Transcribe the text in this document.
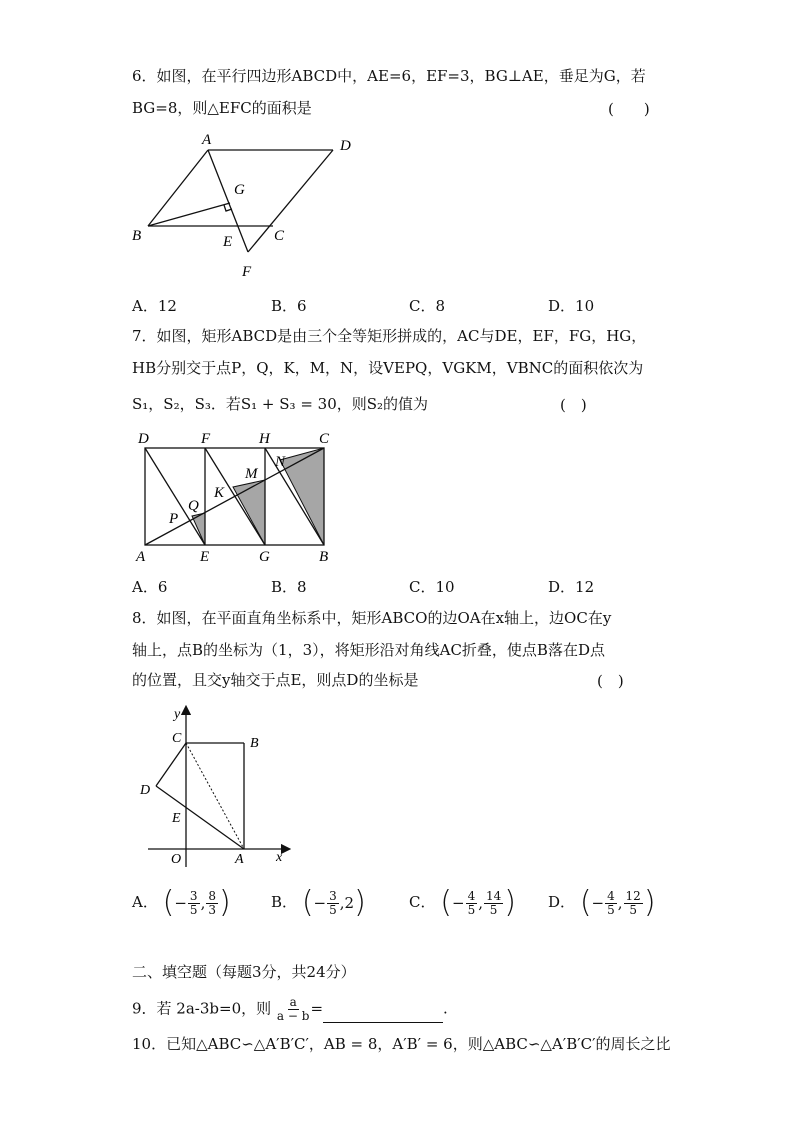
6．如图，在平行四边形ABCD中，AE=6，EF=3，BG⊥AE，垂足为G，若
BG=8，则△EFC的面积是	(　　)
A	D
G
B	E	C
F
A．12	B．6	C．8	D．10
7．如图，矩形ABCD是由三个全等矩形拼成的，AC与DE，EF，FG，HG，
HB分别交于点P，Q，K，M，N，设VEPQ，VGKM，VBNC的面积依次为
S₁，S₂，S₃．若S₁ + S₃ = 30，则S₂的值为	(　)
D	F	H	C
N
M
K
Q
P
A	E	G	B
A．6	B．8	C．10	D．12
8．如图，在平面直角坐标系中，矩形ABCO的边OA在x轴上，边OC在y
轴上，点B的坐标为（1，3），将矩形沿对角线AC折叠，使点B落在D点
的位置，且交y轴交于点E，则点D的坐标是	(　)
y
C	B
D
E
O	A x
A． ( − $\frac{3}{5}$ , $\frac{8}{3}$ )	B． ( − $\frac{3}{5}$ , 2 )	C． ( − $\frac{4}{5}$ , $\frac{14}{5}$ ) D． ( − $\frac{4}{5}$ , $\frac{12}{5}$ )
二、填空题（每题3分，共24分）
9．若 2a-3b=0，则 $\frac{a}{a - b}$ =	.
10．已知△ABC∽△A′B′C′，AB = 8，A′B′ = 6，则△ABC∽△A′B′C′的周长之比
